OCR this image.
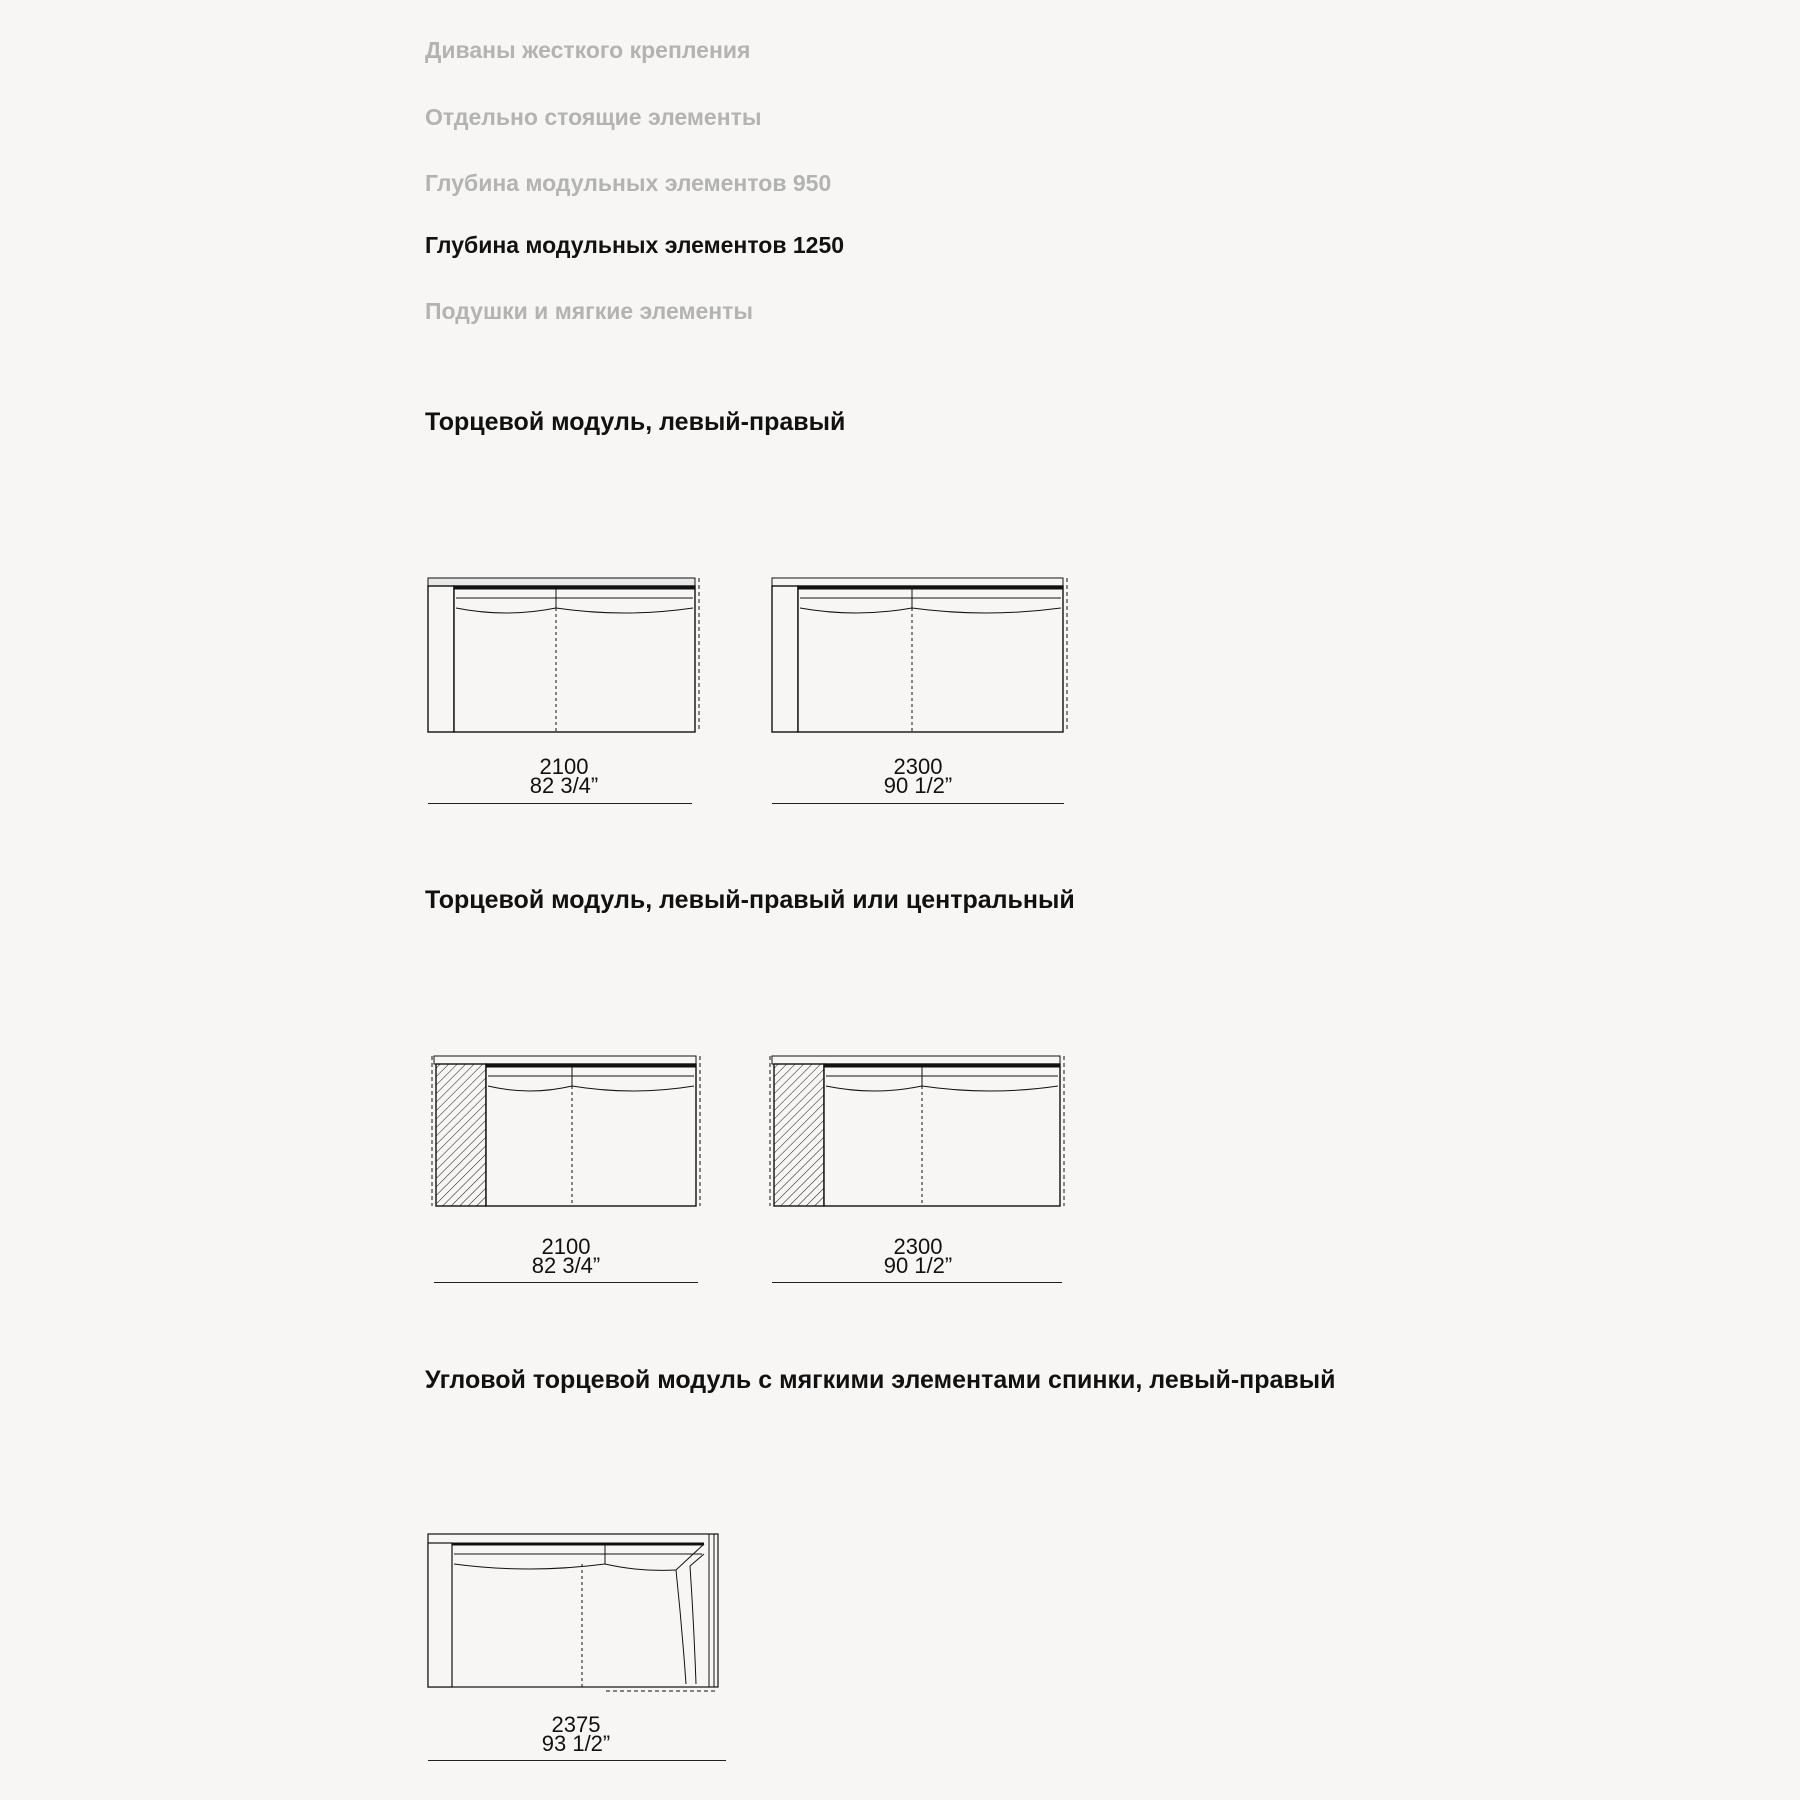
Диваны жесткого крепления
Отдельно стоящие элементы
Глубина модульных элементов 950
Глубина модульных элементов 1250
Подушки и мягкие элементы
Торцевой модуль, левый-правый
2100
82 3/4”
2300
90 1/2”
Торцевой модуль, левый-правый или центральный
2100
82 3/4”
2300
90 1/2”
Угловой торцевой модуль с мягкими элементами спинки, левый-правый
2375
93 1/2”
